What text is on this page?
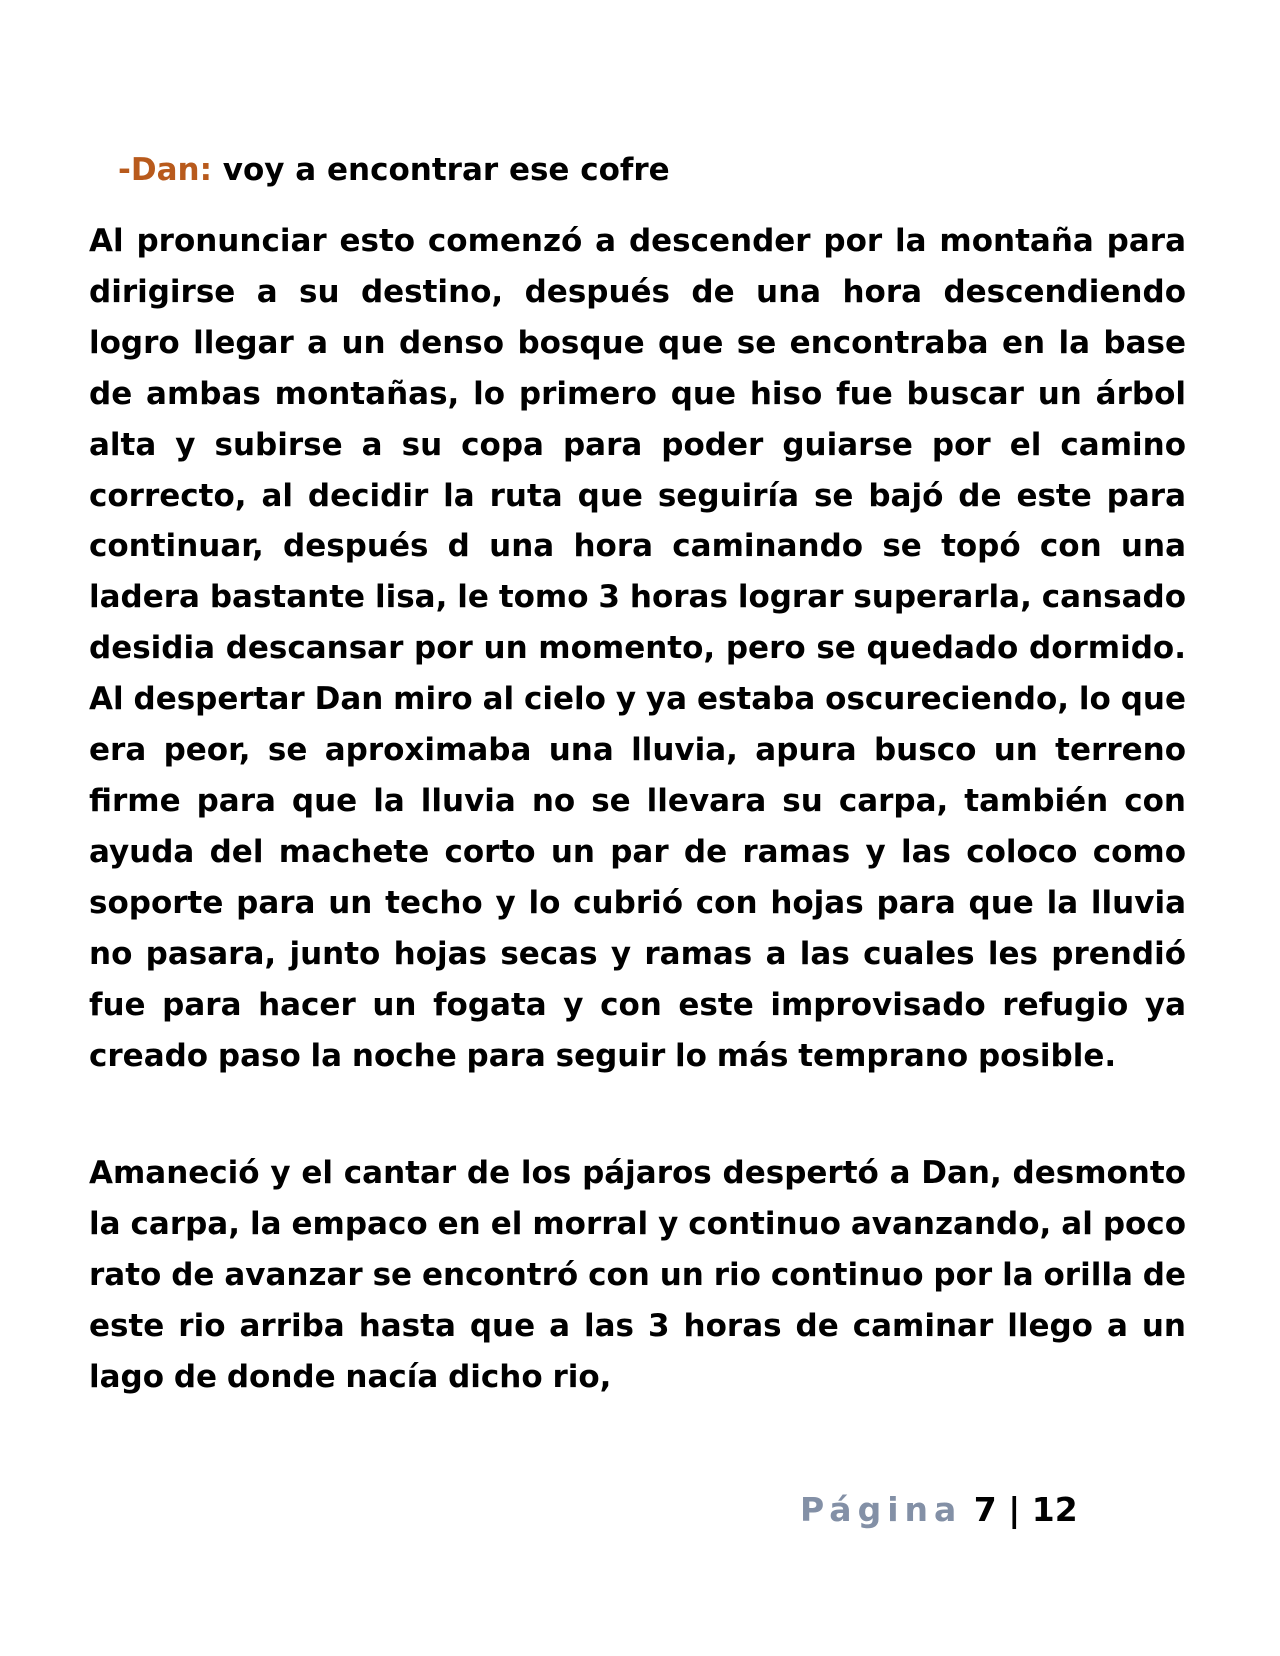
-Dan: voy a encontrar ese cofre

Al pronunciar esto comenzó a descender por la montaña para dirigirse a su destino, después de una hora descendiendo logro llegar a un denso bosque que se encontraba en la base de ambas montañas, lo primero que hiso fue buscar un árbol alta y subirse a su copa para poder guiarse por el camino correcto, al decidir la ruta que seguiría se bajó de este para continuar, después d una hora caminando se topó con una ladera bastante lisa, le tomo 3 horas lograr superarla, cansado desidia descansar por un momento, pero se quedado dormido. Al despertar Dan miro al cielo y ya estaba oscureciendo, lo que era peor, se aproximaba una lluvia, apura busco un terreno firme para que la lluvia no se llevara su carpa, también con ayuda del machete corto un par de ramas y las coloco como soporte para un techo y lo cubrió con hojas para que la lluvia no pasara, junto hojas secas y ramas a las cuales les prendió fue para hacer un fogata y con este improvisado refugio ya creado paso la noche para seguir lo más temprano posible.

Amaneció y el cantar de los pájaros despertó a Dan, desmonto la carpa, la empaco en el morral y continuo avanzando, al poco rato de avanzar se encontró con un rio continuo por la orilla de este rio arriba hasta que a las 3 horas de caminar llego a un lago de donde nacía dicho rio,

Página 7 | 12
